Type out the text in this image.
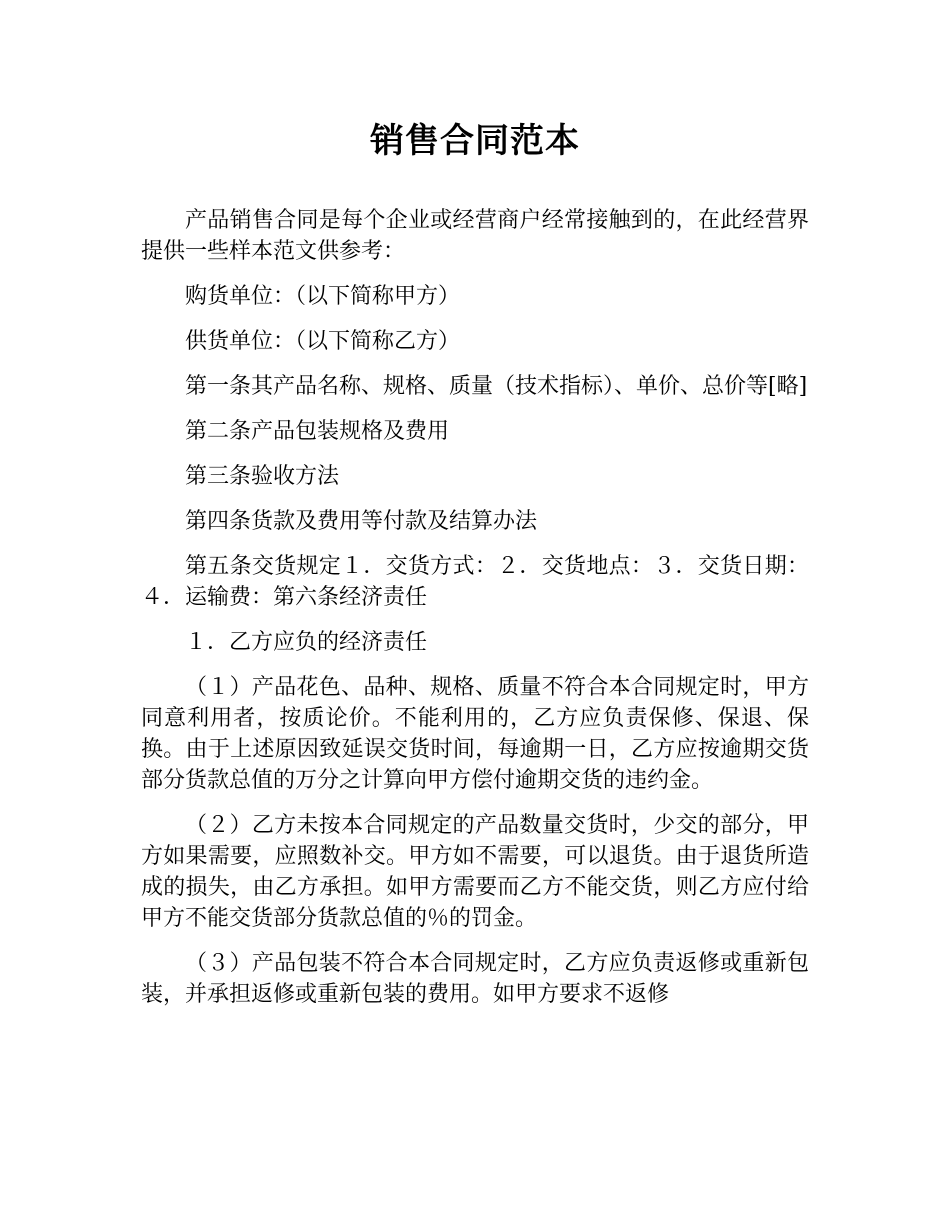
销售合同范本

产品销售合同是每个企业或经营商户经常接触到的，在此经营界提供一些样本范文供参考：

购货单位：（以下简称甲方）

供货单位：（以下简称乙方）

第一条其产品名称、规格、质量（技术指标）、单价、总价等[略]

第二条产品包装规格及费用

第三条验收方法

第四条货款及费用等付款及结算办法

第五条交货规定１．交货方式：２．交货地点：３．交货日期：４．运输费：第六条经济责任

１．乙方应负的经济责任

（１）产品花色、品种、规格、质量不符合本合同规定时，甲方同意利用者，按质论价。不能利用的，乙方应负责保修、保退、保换。由于上述原因致延误交货时间，每逾期一日，乙方应按逾期交货部分货款总值的万分之计算向甲方偿付逾期交货的违约金。

（２）乙方未按本合同规定的产品数量交货时，少交的部分，甲方如果需要，应照数补交。甲方如不需要，可以退货。由于退货所造成的损失，由乙方承担。如甲方需要而乙方不能交货，则乙方应付给甲方不能交货部分货款总值的％的罚金。

（３）产品包装不符合本合同规定时，乙方应负责返修或重新包装，并承担返修或重新包装的费用。如甲方要求不返修
